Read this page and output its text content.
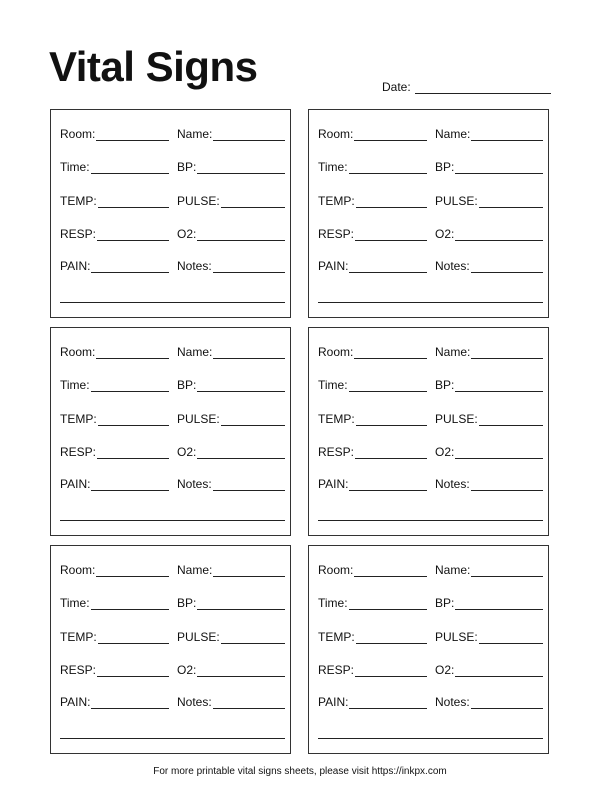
Vital Signs	Date:
Room:
Time:
TEMP:
RESP:
PAIN:
Name:
BP:
PULSE:
O2:
Notes:
Room:
Time:
TEMP:
RESP:
PAIN:
Name:
BP:
PULSE:
O2:
Notes:
Room:
Time:
TEMP:
RESP:
PAIN:
Name:
BP:
PULSE:
O2:
Notes:
Room:
Time:
TEMP:
RESP:
PAIN:
Name:
BP:
PULSE:
O2:
Notes:
Room:
Time:
TEMP:
RESP:
PAIN:
Name:
BP:
PULSE:
O2:
Notes:
Room:
Time:
TEMP:
RESP:
PAIN:
Name:
BP:
PULSE:
O2:
Notes:
For more printable vital signs sheets, please visit https://inkpx.com
